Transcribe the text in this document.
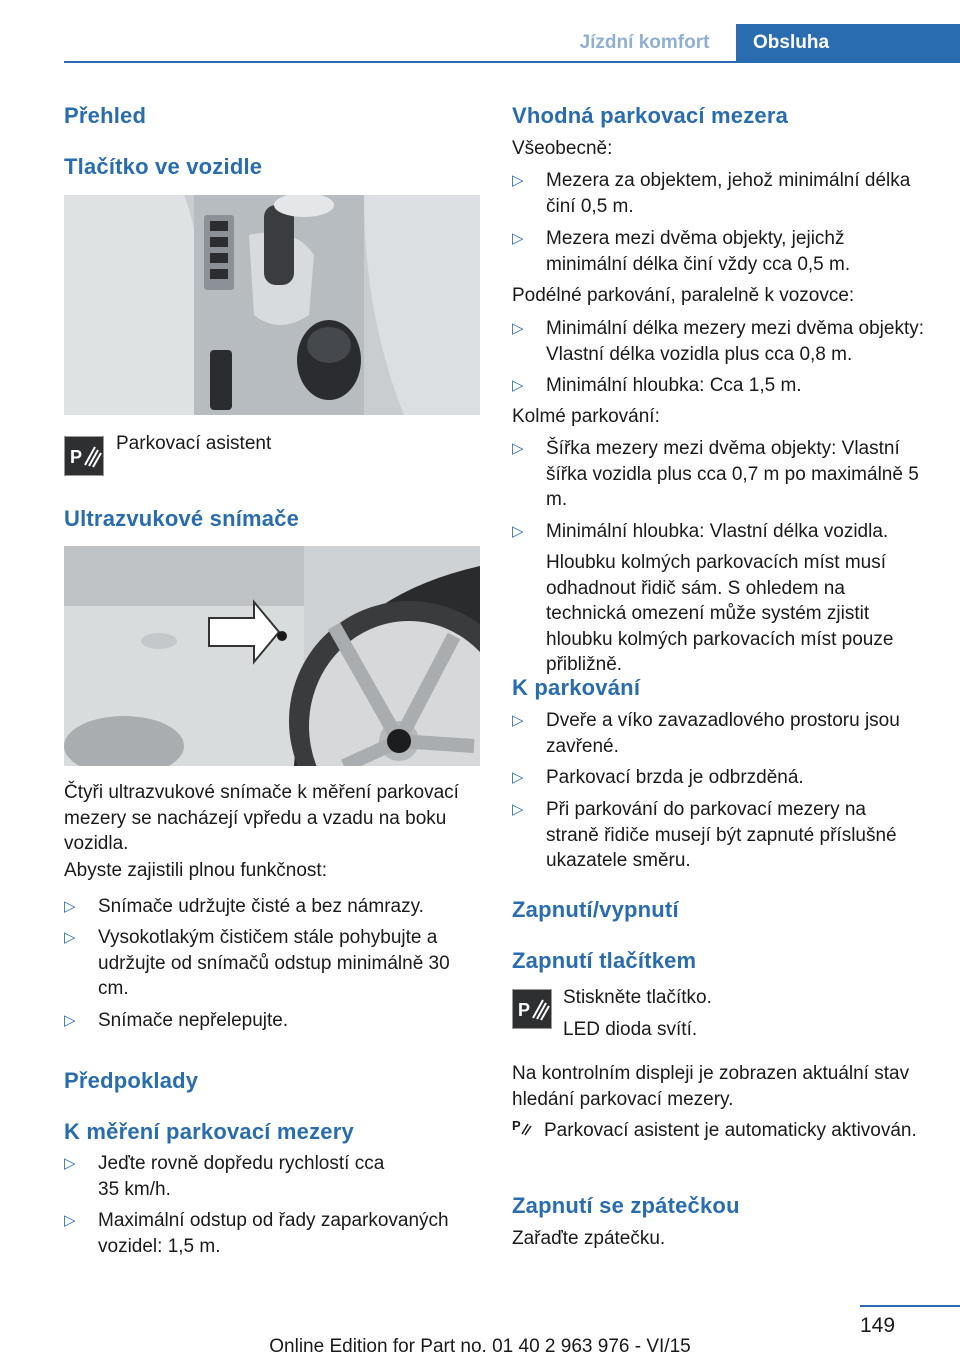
Jízdní komfort	Obsluha
Přehled
Tlačítko ve vozidle
P
Parkovací asistent
Ultrazvukové snímače
Čtyři ultrazvukové snímače k měření parkovací mezery se nacházejí vpředu a vzadu na boku vozidla.
Abyste zajistili plnou funkčnost:
▷ Snímače udržujte čisté a bez námrazy.
▷ Vysokotlakým čističem stále pohybujte a udržujte od snímačů odstup minimálně 30 cm.
▷ Snímače nepřelepujte.
Předpoklady
K měření parkovací mezery
▷ Jeďte rovně dopředu rychlostí cca 35 km/h.
▷ Maximální odstup od řady zaparkovaných vozidel: 1,5 m.
Vhodná parkovací mezera
Všeobecně:
▷ Mezera za objektem, jehož minimální délka činí 0,5 m.
▷ Mezera mezi dvěma objekty, jejichž minimální délka činí vždy cca 0,5 m.
Podélné parkování, paralelně k vozovce:
▷ Minimální délka mezery mezi dvěma objekty: Vlastní délka vozidla plus cca 0,8 m.
▷ Minimální hloubka: Cca 1,5 m.
Kolmé parkování:
▷ Šířka mezery mezi dvěma objekty: Vlastní šířka vozidla plus cca 0,7 m po maximálně 5 m.
▷ Minimální hloubka: Vlastní délka vozidla.
Hloubku kolmých parkovacích míst musí odhadnout řidič sám. S ohledem na technická omezení může systém zjistit hloubku kolmých parkovacích míst pouze přibližně.
K parkování
▷ Dveře a víko zavazadlového prostoru jsou zavřené.
▷ Parkovací brzda je odbrzděná.
▷ Při parkování do parkovací mezery na straně řidiče musejí být zapnuté příslušné ukazatele směru.
Zapnutí/vypnutí
Zapnutí tlačítkem
P
Stiskněte tlačítko.
LED dioda svítí.
Na kontrolním displeji je zobrazen aktuální stav hledání parkovací mezery.
P	Parkovací asistent je automaticky aktivován.
Zapnutí se zpátečkou
Zařaďte zpátečku.
149
Online Edition for Part no. 01 40 2 963 976 - VI/15
